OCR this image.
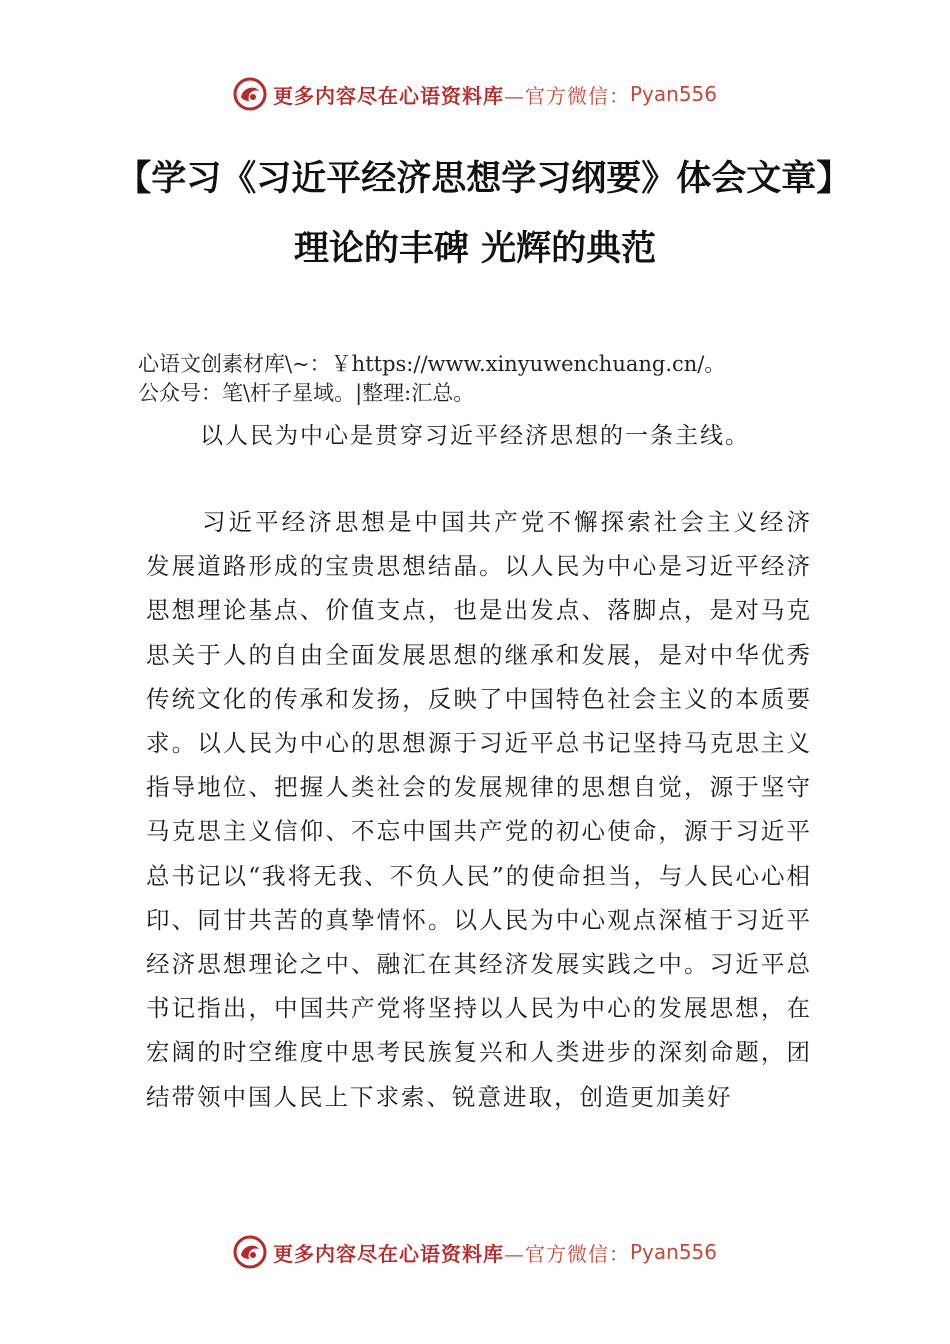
更多内容尽在心语资料库 —官方微信： Pyan556
【学习《习近平经济思想学习纲要》体会文章】理论的丰碑 光辉的典范
心语文创素材库\~：￥https://www.xinyuwenchuang.cn/。
公众号：笔\杆子星域。|整理:汇总。
以人民为中心是贯穿习近平经济思想的一条主线。

习近平经济思想是中国共产党不懈探索社会主义经济发展道路形成的宝贵思想结晶。以人民为中心是习近平经济思想理论基点、价值支点，也是出发点、落脚点，是对马克思关于人的自由全面发展思想的继承和发展，是对中华优秀传统文化的传承和发扬，反映了中国特色社会主义的本质要求。以人民为中心的思想源于习近平总书记坚持马克思主义指导地位、把握人类社会的发展规律的思想自觉，源于坚守马克思主义信仰、不忘中国共产党的初心使命，源于习近平总书记以“我将无我、不负人民”的使命担当，与人民心心相印、同甘共苦的真挚情怀。以人民为中心观点深植于习近平经济思想理论之中、融汇在其经济发展实践之中。习近平总书记指出，中国共产党将坚持以人民为中心的发展思想，在宏阔的时空维度中思考民族复兴和人类进步的深刻命题，团结带领中国人民上下求索、锐意进取，创造更加美好

更多内容尽在心语资料库 —官方微信： Pyan556
